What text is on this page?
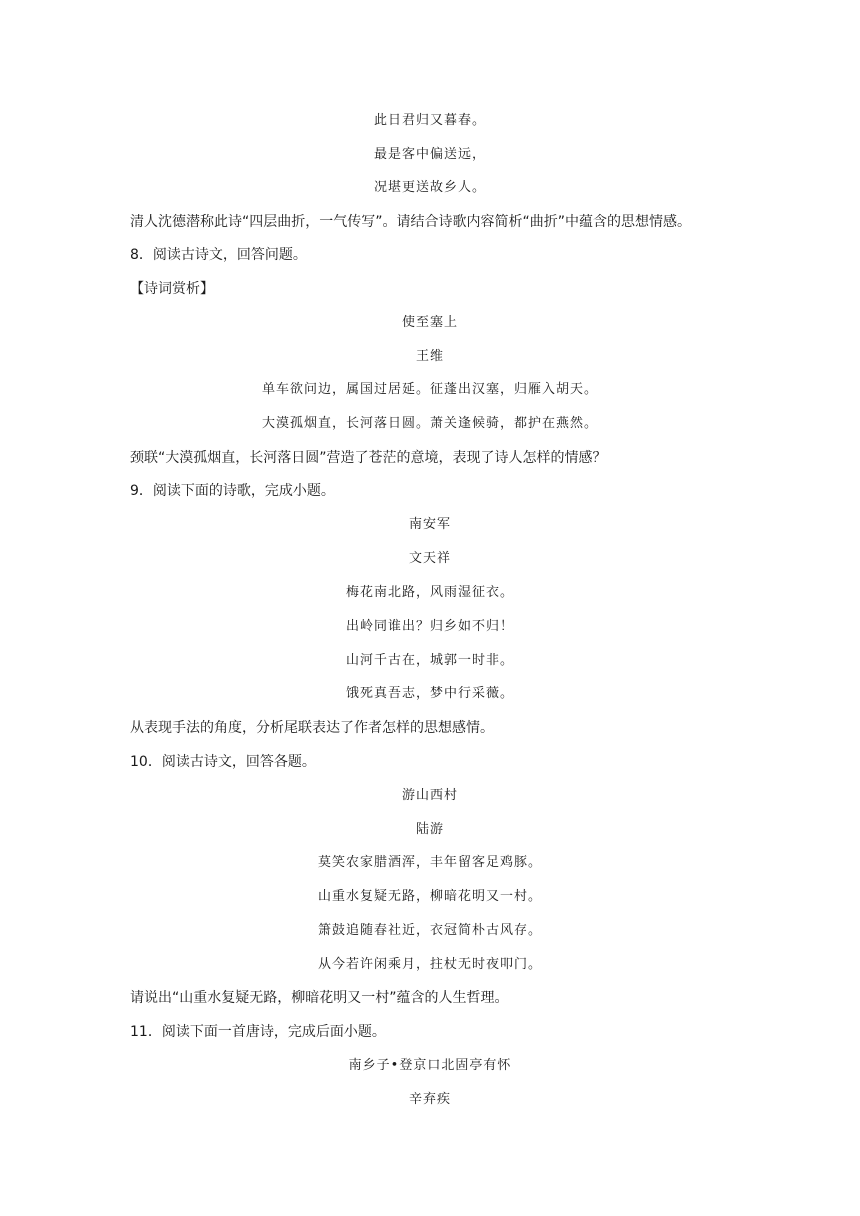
此日君归又暮春。
最是客中偏送远，
况堪更送故乡人。
清人沈德潜称此诗“四层曲折，一气传写”。请结合诗歌内容简析“曲折”中蕴含的思想情感。
8．阅读古诗文，回答问题。
【诗词赏析】
使至塞上
王维
单车欲问边，属国过居延。征蓬出汉塞，归雁入胡天。
大漠孤烟直，长河落日圆。萧关逢候骑，都护在燕然。
颈联“大漠孤烟直，长河落日圆”营造了苍茫的意境，表现了诗人怎样的情感？
9．阅读下面的诗歌，完成小题。
南安军
文天祥
梅花南北路，风雨湿征衣。
出岭同谁出？归乡如不归！
山河千古在，城郭一时非。
饿死真吾志，梦中行采薇。
从表现手法的角度，分析尾联表达了作者怎样的思想感情。
10．阅读古诗文，回答各题。
游山西村
陆游
莫笑农家腊酒浑，丰年留客足鸡豚。
山重水复疑无路，柳暗花明又一村。
箫鼓追随春社近，衣冠简朴古风存。
从今若许闲乘月，拄杖无时夜叩门。
请说出“山重水复疑无路，柳暗花明又一村”蕴含的人生哲理。
11．阅读下面一首唐诗，完成后面小题。
南乡子•登京口北固亭有怀
辛弃疾
